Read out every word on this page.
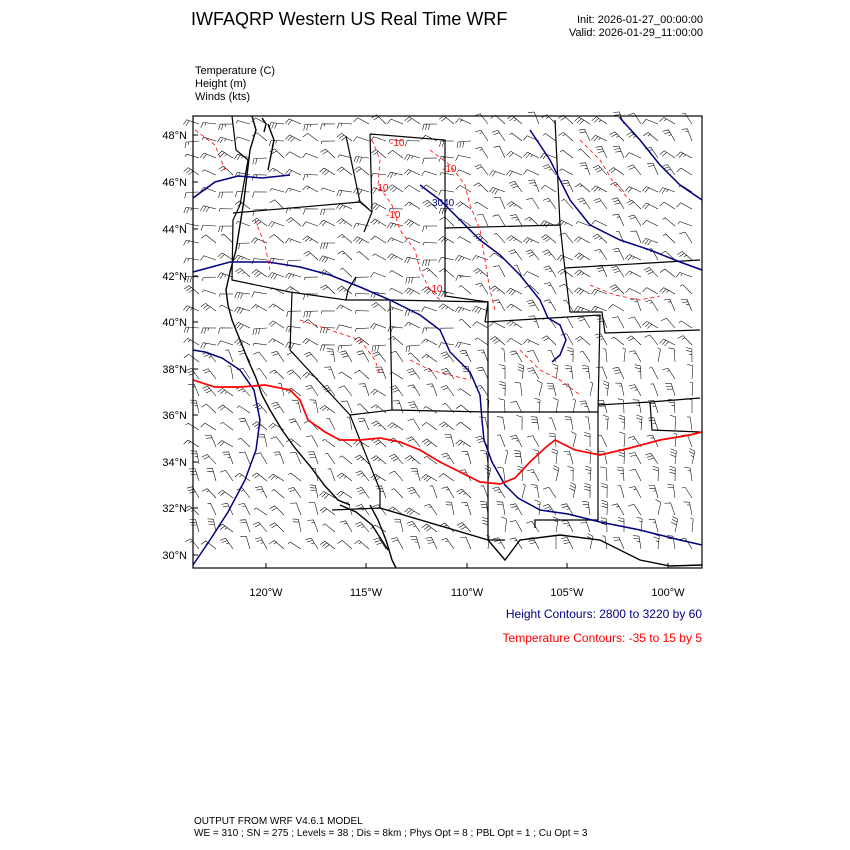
IWFAQRP Western US Real Time WRF	Init: 2026-01-27_00:00:00
Valid: 2026-01-29_11:00:00
Temperature (C)
Height (m)
Winds (kts)
-10
-10
-10
-10
-10
3040
48°N
46°N
44°N
42°N
40°N
38°N
36°N
34°N
32°N
30°N
120°W	115°W	110°W	105°W	100°W
Height Contours: 2800 to 3220 by 60
Temperature Contours: -35 to 15 by 5
OUTPUT FROM WRF V4.6.1 MODEL
WE = 310 ; SN = 275 ; Levels = 38 ; Dis = 8km ; Phys Opt = 8 ; PBL Opt = 1 ; Cu Opt = 3
